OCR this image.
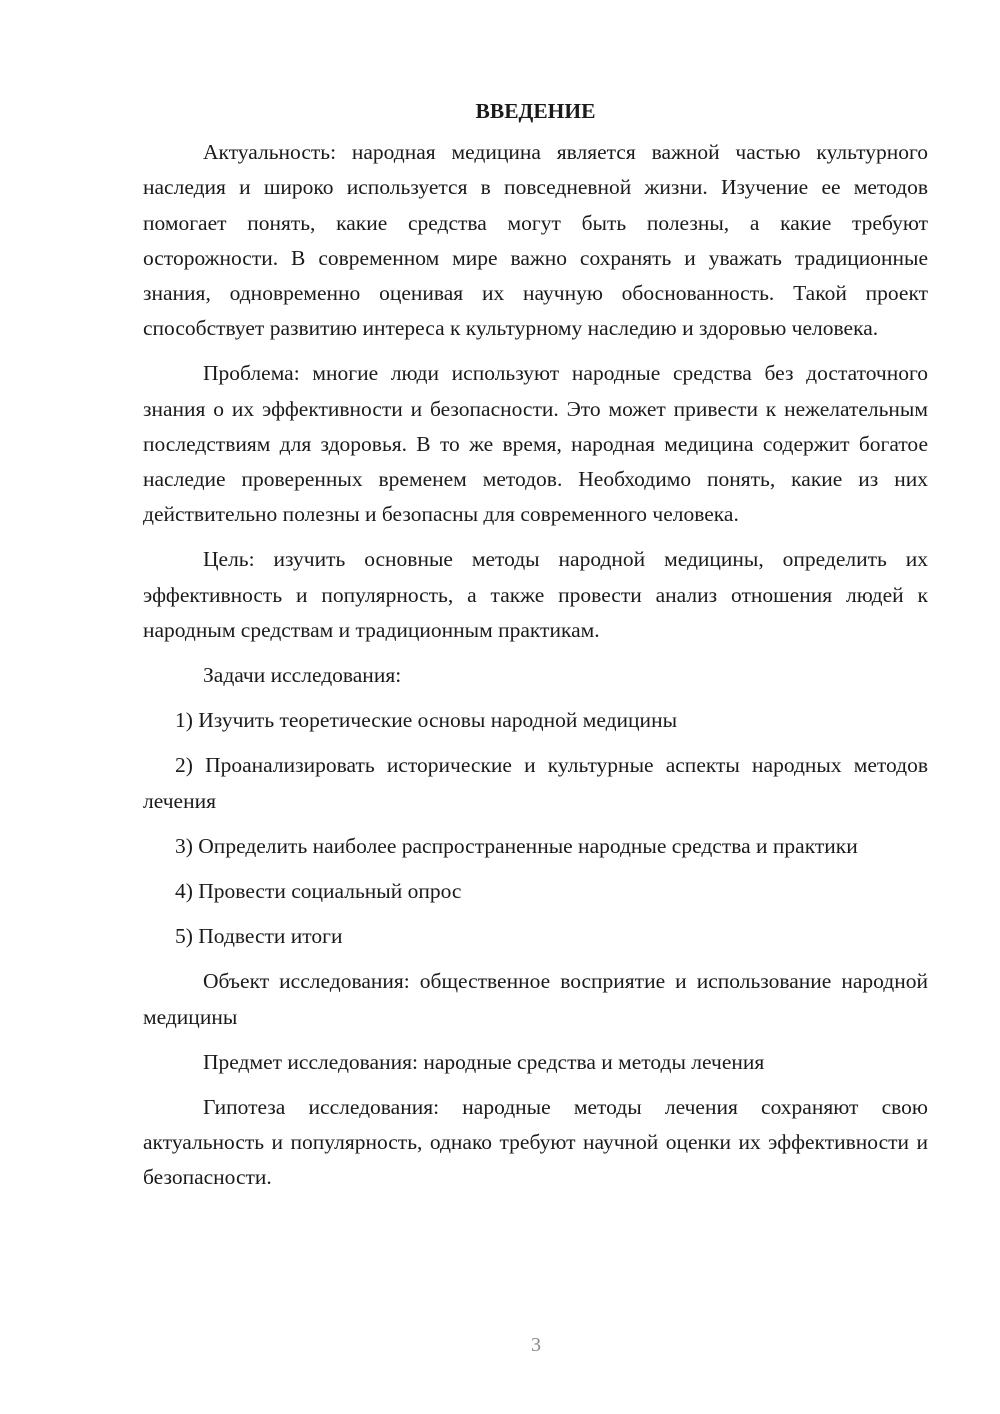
ВВЕДЕНИЕ

Актуальность: народная медицина является важной частью культурного наследия и широко используется в повседневной жизни. Изучение ее методов помогает понять, какие средства могут быть полезны, а какие требуют осторожности. В современном мире важно сохранять и уважать традиционные знания, одновременно оценивая их научную обоснованность. Такой проект способствует развитию интереса к культурному наследию и здоровью человека.

Проблема: многие люди используют народные средства без достаточного знания о их эффективности и безопасности. Это может привести к нежелательным последствиям для здоровья. В то же время, народная медицина содержит богатое наследие проверенных временем методов. Необходимо понять, какие из них действительно полезны и безопасны для современного человека.

Цель: изучить основные методы народной медицины, определить их эффективность и популярность, а также провести анализ отношения людей к народным средствам и традиционным практикам.

Задачи исследования:

1) Изучить теоретические основы народной медицины

2) Проанализировать исторические и культурные аспекты народных методов лечения

3) Определить наиболее распространенные народные средства и практики

4) Провести социальный опрос

5) Подвести итоги

Объект исследования: общественное восприятие и использование народной медицины

Предмет исследования: народные средства и методы лечения

Гипотеза исследования: народные методы лечения сохраняют свою актуальность и популярность, однако требуют научной оценки их эффективности и безопасности.

3
